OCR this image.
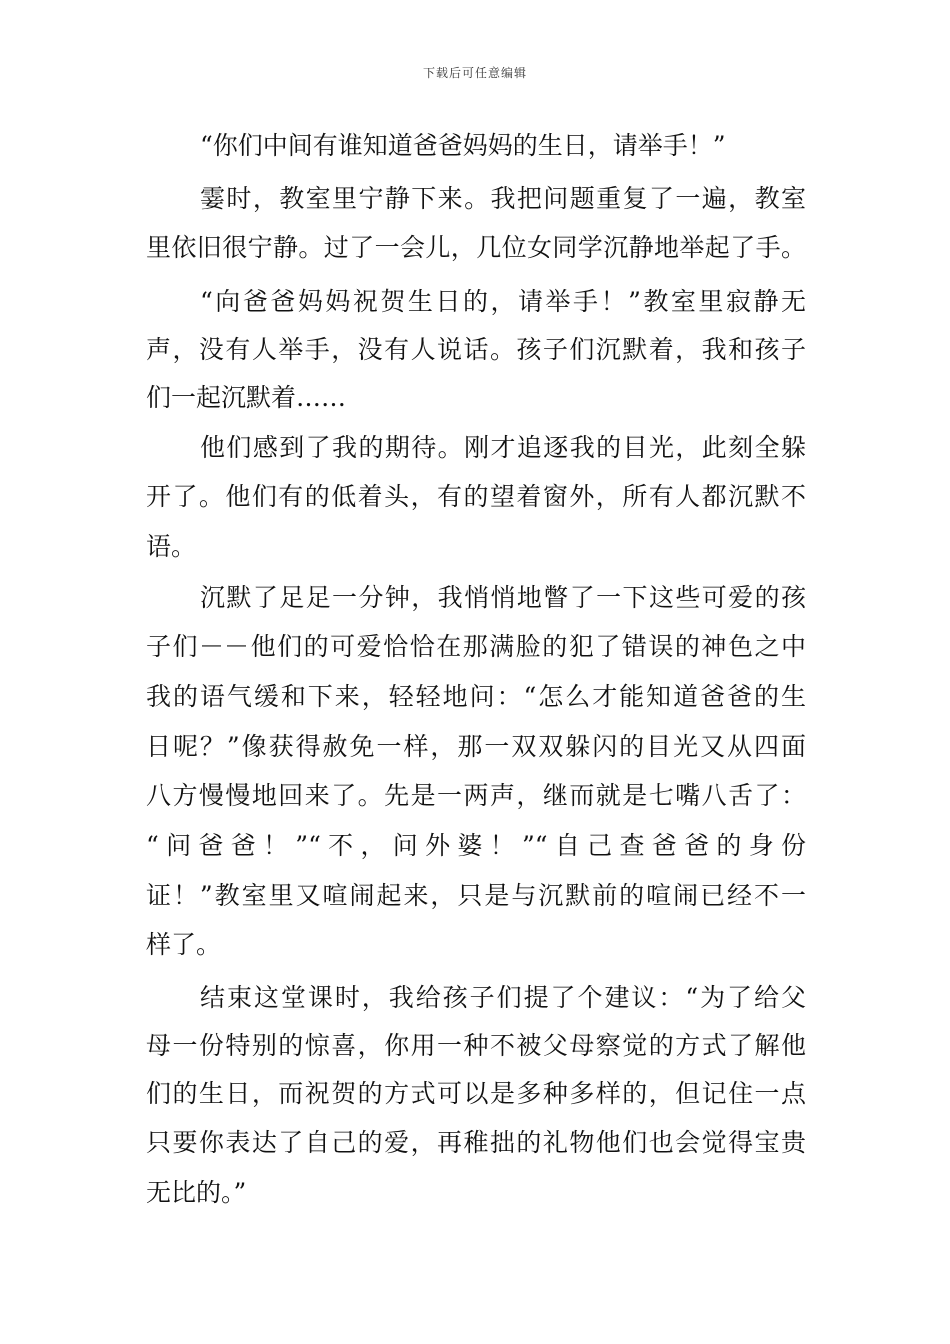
下载后可任意编辑
“你们中间有谁知道爸爸妈妈的生日，请举手！”
霎时，教室里宁静下来。我把问题重复了一遍，教室
里依旧很宁静。过了一会儿，几位女同学沉静地举起了手。
“向爸爸妈妈祝贺生日的，请举手！”教室里寂静无
声，没有人举手，没有人说话。孩子们沉默着，我和孩子
们一起沉默着……
他们感到了我的期待。刚才追逐我的目光，此刻全躲
开了。他们有的低着头，有的望着窗外，所有人都沉默不
语。
沉默了足足一分钟，我悄悄地瞥了一下这些可爱的孩
子们－－他们的可爱恰恰在那满脸的犯了错误的神色之中
我的语气缓和下来，轻轻地问：“怎么才能知道爸爸的生
日呢？”像获得赦免一样，那一双双躲闪的目光又从四面
八方慢慢地回来了。先是一两声，继而就是七嘴八舌了：
“问爸爸！”“不，问外婆！”“自己查爸爸的身份
证！”教室里又喧闹起来，只是与沉默前的喧闹已经不一
样了。
结束这堂课时，我给孩子们提了个建议：“为了给父
母一份特别的惊喜，你用一种不被父母察觉的方式了解他
们的生日，而祝贺的方式可以是多种多样的，但记住一点
只要你表达了自己的爱，再稚拙的礼物他们也会觉得宝贵
无比的。”
